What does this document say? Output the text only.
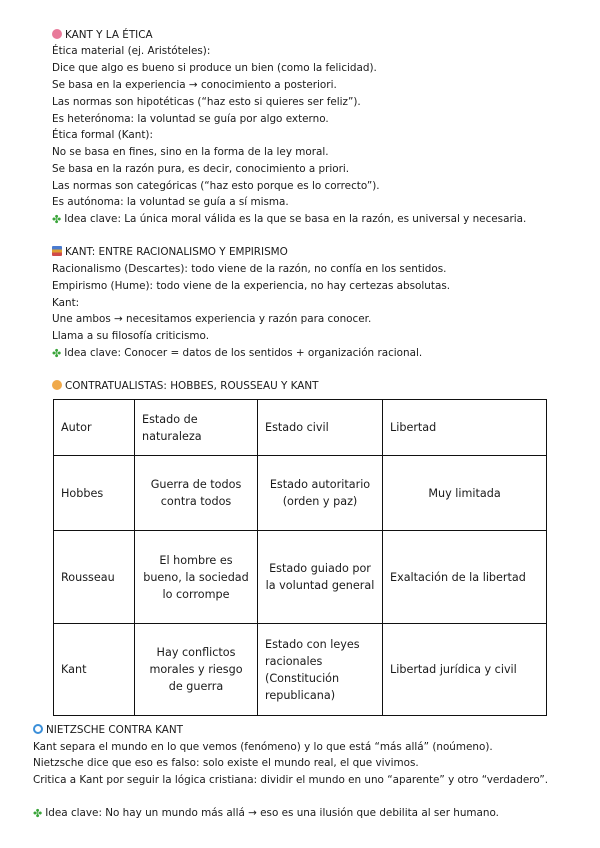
KANT Y LA ÉTICA
Ética material (ej. Aristóteles):
Dice que algo es bueno si produce un bien (como la felicidad).
Se basa en la experiencia → conocimiento a posteriori.
Las normas son hipotéticas (“haz esto si quieres ser feliz”).
Es heterónoma: la voluntad se guía por algo externo.
Ética formal (Kant):
No se basa en fines, sino en la forma de la ley moral.
Se basa en la razón pura, es decir, conocimiento a priori.
Las normas son categóricas (“haz esto porque es lo correcto”).
Es autónoma: la voluntad se guía a sí misma.
✤ Idea clave: La única moral válida es la que se basa en la razón, es universal y necesaria.
KANT: ENTRE RACIONALISMO Y EMPIRISMO
Racionalismo (Descartes): todo viene de la razón, no confía en los sentidos.
Empirismo (Hume): todo viene de la experiencia, no hay certezas absolutas.
Kant:
Une ambos → necesitamos experiencia y razón para conocer.
Llama a su filosofía criticismo.
✤ Idea clave: Conocer = datos de los sentidos + organización racional.
CONTRATUALISTAS: HOBBES, ROUSSEAU Y KANT
Autor	Estado de naturaleza	Estado civil	Libertad
Hobbes	Guerra de todos contra todos	Estado autoritario (orden y paz)	Muy limitada
Rousseau	El hombre es bueno, la sociedad lo corrompe	Estado guiado por la voluntad general	Exaltación de la libertad
Kant	Hay conflictos morales y riesgo de guerra	Estado con leyes racionales (Constitución republicana)	Libertad jurídica y civil
NIETZSCHE CONTRA KANT
Kant separa el mundo en lo que vemos (fenómeno) y lo que está “más allá” (noúmeno).
Nietzsche dice que eso es falso: solo existe el mundo real, el que vivimos.
Critica a Kant por seguir la lógica cristiana: dividir el mundo en uno “aparente” y otro “verdadero”.
✤ Idea clave: No hay un mundo más allá → eso es una ilusión que debilita al ser humano.
